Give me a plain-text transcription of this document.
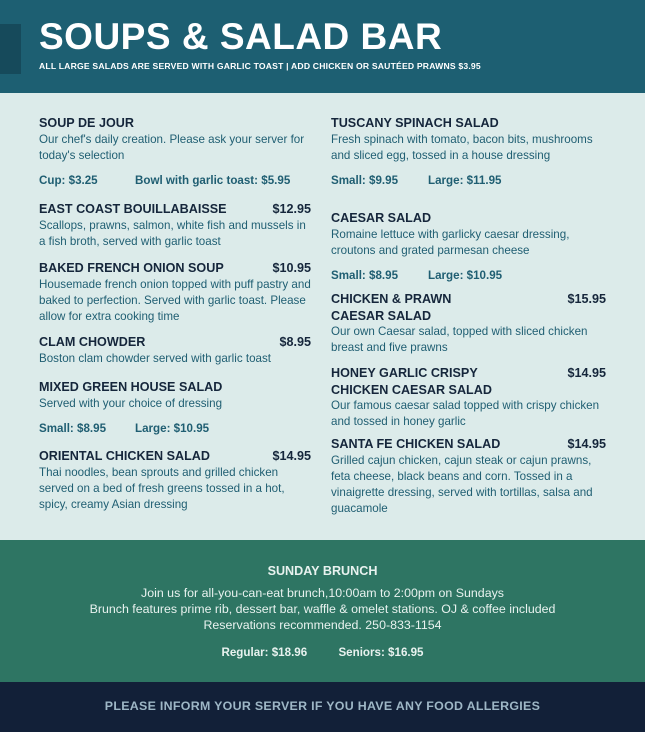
SOUPS & SALAD BAR
ALL LARGE SALADS ARE SERVED WITH GARLIC TOAST | ADD CHICKEN OR SAUTÉED PRAWNS $3.95
SOUP DE JOUR
Our chef's daily creation. Please ask your server for today's selection
Cup: $3.25	Bowl with garlic toast: $5.95
EAST COAST BOUILLABAISSE	$12.95
Scallops, prawns, salmon, white fish and mussels in a fish broth, served with garlic toast
BAKED FRENCH ONION SOUP	$10.95
Housemade french onion topped with puff pastry and baked to perfection. Served with garlic toast. Please allow for extra cooking time
CLAM CHOWDER	$8.95
Boston clam chowder served with garlic toast
MIXED GREEN HOUSE SALAD
Served with your choice of dressing
Small: $8.95 Large: $10.95
ORIENTAL CHICKEN SALAD	$14.95
Thai noodles, bean sprouts and grilled chicken served on a bed of fresh greens tossed in a hot, spicy, creamy Asian dressing
TUSCANY SPINACH SALAD
Fresh spinach with tomato, bacon bits, mushrooms and sliced egg, tossed in a house dressing
Small: $9.95	Large: $11.95
CAESAR SALAD
Romaine lettuce with garlicky caesar dressing, croutons and grated parmesan cheese
Small: $8.95	Large: $10.95
CHICKEN & PRAWN	$15.95
CAESAR SALAD
Our own Caesar salad, topped with sliced chicken breast and five prawns
HONEY GARLIC CRISPY	$14.95
CHICKEN CAESAR SALAD
Our famous caesar salad topped with crispy chicken and tossed in honey garlic
SANTA FE CHICKEN SALAD	$14.95
Grilled cajun chicken, cajun steak or cajun prawns, feta cheese, black beans and corn. Tossed in a vinaigrette dressing, served with tortillas, salsa and guacamole
SUNDAY BRUNCH
Join us for all-you-can-eat brunch,10:00am to 2:00pm on Sundays
Brunch features prime rib, dessert bar, waffle & omelet stations. OJ & coffee included
Reservations recommended. 250-833-1154
Regular: $18.96	Seniors: $16.95
PLEASE INFORM YOUR SERVER IF YOU HAVE ANY FOOD ALLERGIES
